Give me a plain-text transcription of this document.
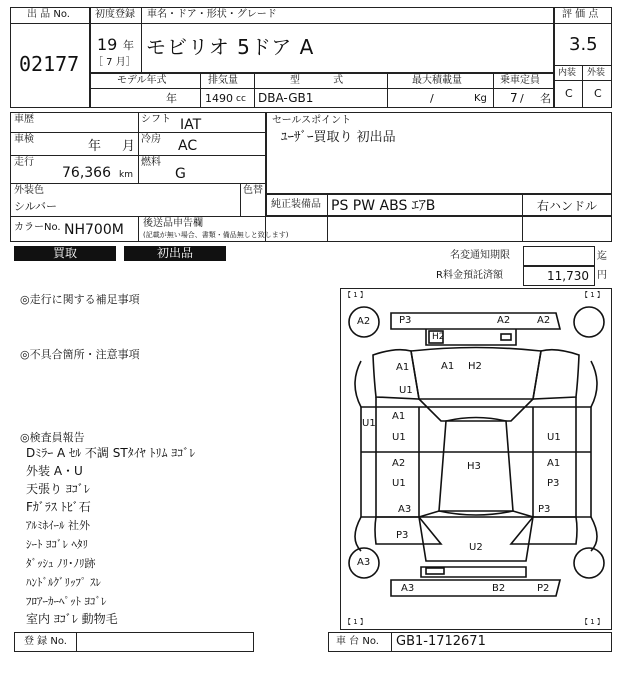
出 品 No.
02177
初度登録 車名・ドア・形状・グレード
19 年
［ 7 月］
モビリオ 5ドア A
評 価 点
3.5
内装 外装
C C
モデル年式	排気量	型 式	最大積載量	乗車定員
年	1490 cc DBA-GB1	/	Kg 7 / 名
車歴	シフト IAT
車検	年 月 冷房 AC
走行
76,366 km
燃料
G
外装色
シルバー
色替
カラーNo. NH700M
セールスポイント
ﾕｰｻﾞｰ買取り 初出品
純正装備品 PS PW ABS ｴｱB	右ハンドル
後送品申告欄
(記載が無い場合、書類・備品無しと致します)
買取	初出品	名変通知期限	迄
R料金預託済額	11,730 円
◎走行に関する補足事項
◎不具合箇所・注意事項
◎検査員報告
Dﾐﾗｰ A ｾﾙ 不調 STﾀｲﾔ ﾄﾘﾑ ﾖｺﾞﾚ
外装 A・U
天張り ﾖｺﾞﾚ
Fｶﾞﾗｽ ﾄﾋﾞ石
ｱﾙﾐﾎｲｰﾙ 社外
ｼｰﾄ ﾖｺﾞﾚ ﾍﾀﾘ
ﾀﾞｯｼｭ ﾉﾘ･ﾉﾘ跡
ﾊﾝﾄﾞﾙｸﾞﾘｯﾌﾟ ｽﾚ
ﾌﾛｱｰｶｰﾍﾟｯﾄ ﾖｺﾞﾚ
室内 ﾖｺﾞﾚ 動物毛
【 1 】	【 1 】
【 1 】	【 1 】
A2	P3	A2	A2
H2
A1 H2
A1
U1
U1
A1
U1	U1
A2
U1
A1
P3
H3
A3
P3
P3
U2
A3
A3	B2	P2
登 録 No.	車 台 No. GB1-1712671
